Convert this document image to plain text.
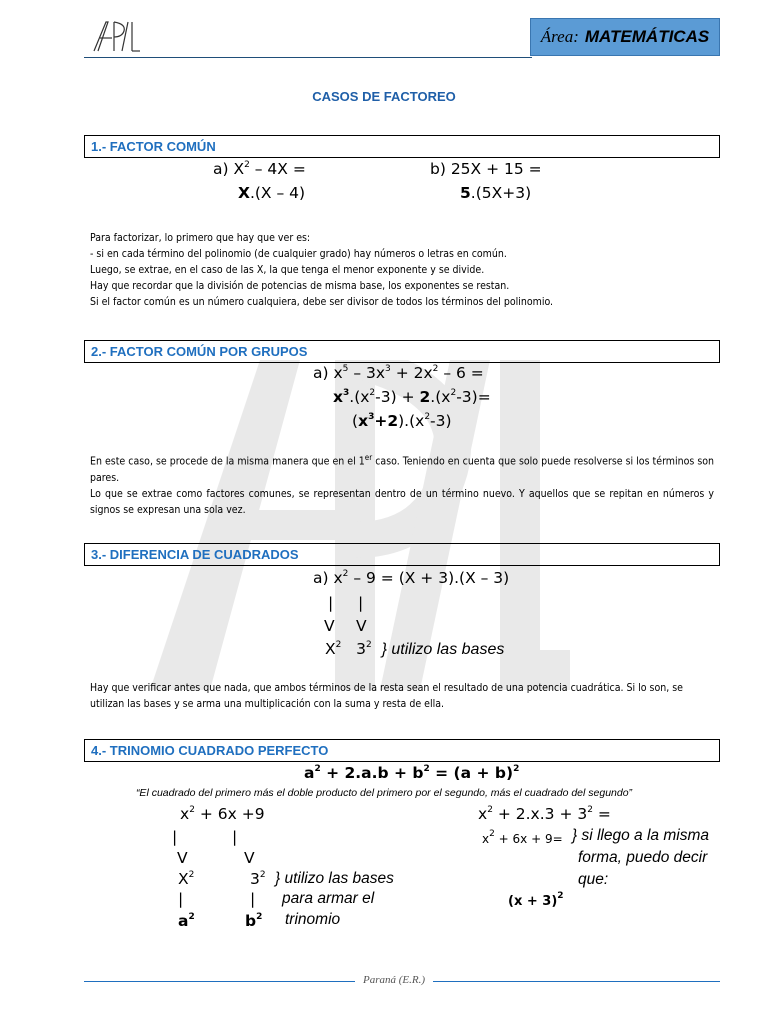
Área: MATEMÁTICAS
CASOS DE FACTOREO
1.- FACTOR COMÚN
a) $X^2 - 4X$ =
X.(X – 4)
b) 25X + 15 =
5.(5X+3)

Para factorizar, lo primero que hay que ver es:

- si en cada término del polinomio (de cualquier grado) hay números o letras en común.

Luego, se extrae, en el caso de las X, la que tenga el menor exponente y se divide.

Hay que recordar que la división de potencias de misma base, los exponentes se restan.

Si el factor común es un número cualquiera, debe ser divisor de todos los términos del polinomio.

2.- FACTOR COMÚN POR GRUPOS
a) $x^5 - 3x^3 + 2x^2 - 6$ =
$x^3.(x^2-3) + 2.(x^2-3)=$
$(x^3+2).(x^2-3)$

En este caso, se procede de la misma manera que en el 1er caso. Teniendo en cuenta que solo puede resolverse si los términos son pares.

Lo que se extrae como factores comunes, se representan dentro de un término nuevo. Y aquellos que se repitan en números y signos se expresan una sola vez.

3.- DIFERENCIA DE CUADRADOS
a) $x^2 - 9 = (X + 3).(X - 3)$
| |
V V
$X^2$   $3^2$ } utilizo las bases

Hay que verificar antes que nada, que ambos términos de la resta sean el resultado de una potencia cuadrática. Si lo son, se utilizan las bases y se arma una multiplicación con la suma y resta de ella.

4.- TRINOMIO CUADRADO PERFECTO
$a^2 + 2.a.b + b^2 = (a + b)^2$
“El cuadrado del primero más el doble producto del primero por el segundo, más el cuadrado del segundo”
$x^2 + 6x +9$
|	|
V	V
$X^2$	$3^2$ } utilizo las bases
|	| para armar el
$a^2$	$b^2$ trinomio
$x^2 + 2.x.3 + 3^2$ =
$x^2 + 6x + 9=$ } si llego a la misma
forma, puedo decir
que:
$(x + 3)^2$
Paraná (E.R.)
